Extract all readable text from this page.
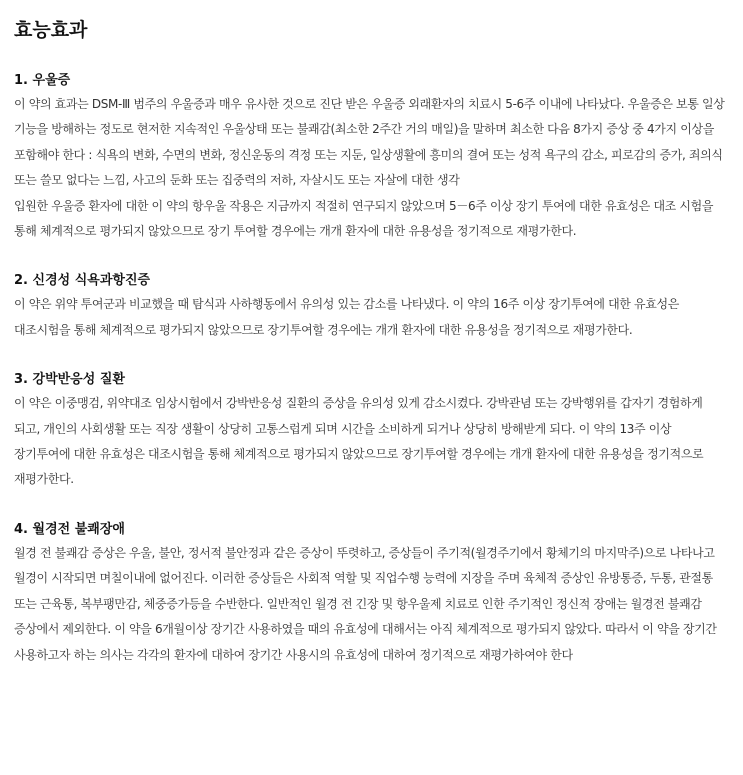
효능효과
1. 우울증

이 약의 효과는 DSM-Ⅲ 범주의 우울증과 매우 유사한 것으로 진단 받은 우울증 외래환자의 치료시 5-6주 이내에 나타났다. 우울증은 보통 일상 기능을 방해하는 정도로 현저한 지속적인 우울상태 또는 불쾌감(최소한 2주간 거의 매일)을 말하며 최소한 다음 8가지 증상 중 4가지 이상을 포함해야 한다 : 식욕의 변화, 수면의 변화, 정신운동의 격정 또는 지둔, 일상생활에 흥미의 결여 또는 성적 욕구의 감소, 피로감의 증가, 죄의식 또는 쓸모 없다는 느낌, 사고의 둔화 또는 집중력의 저하, 자살시도 또는 자살에 대한 생각

입원한 우울증 환자에 대한 이 약의 항우울 작용은 지금까지 적절히 연구되지 않았으며 5－6주 이상 장기 투여에 대한 유효성은 대조 시험을 통해 체계적으로 평가되지 않았으므로 장기 투여할 경우에는 개개 환자에 대한 유용성을 정기적으로 재평가한다.

2. 신경성 식욕과항진증

이 약은 위약 투여군과 비교했을 때 탐식과 사하행동에서 유의성 있는 감소를 나타냈다. 이 약의 16주 이상 장기투여에 대한 유효성은 대조시험을 통해 체계적으로 평가되지 않았으므로 장기투여할 경우에는 개개 환자에 대한 유용성을 정기적으로 재평가한다.

3. 강박반응성 질환

이 약은 이중맹검, 위약대조 임상시험에서 강박반응성 질환의 증상을 유의성 있게 감소시켰다. 강박관념 또는 강박행위를 갑자기 경험하게 되고, 개인의 사회생활 또는 직장 생활이 상당히 고통스럽게 되며 시간을 소비하게 되거나 상당히 방해받게 되다. 이 약의 13주 이상 장기투여에 대한 유효성은 대조시험을 통해 체계적으로 평가되지 않았으므로 장기투여할 경우에는 개개 환자에 대한 유용성을 정기적으로 재평가한다.

4. 월경전 불쾌장애

월경 전 불쾌감 증상은 우울, 불안, 정서적 불안정과 같은 증상이 뚜렷하고, 증상들이 주기적(월경주기에서 황체기의 마지막주)으로 나타나고 월경이 시작되면 며칠이내에 없어진다. 이러한 증상들은 사회적 역할 및 직업수행 능력에 지장을 주며 육체적 증상인 유방통증, 두통, 관절통 또는 근육통, 복부팽만감, 체중증가등을 수반한다. 일반적인 월경 전 긴장 및 항우울제 치료로 인한 주기적인 정신적 장애는 월경전 불쾌감 증상에서 제외한다. 이 약을 6개월이상 장기간 사용하였을 때의 유효성에 대해서는 아직 체계적으로 평가되지 않았다. 따라서 이 약을 장기간 사용하고자 하는 의사는 각각의 환자에 대하여 장기간 사용시의 유효성에 대하여 정기적으로 재평가하여야 한다
